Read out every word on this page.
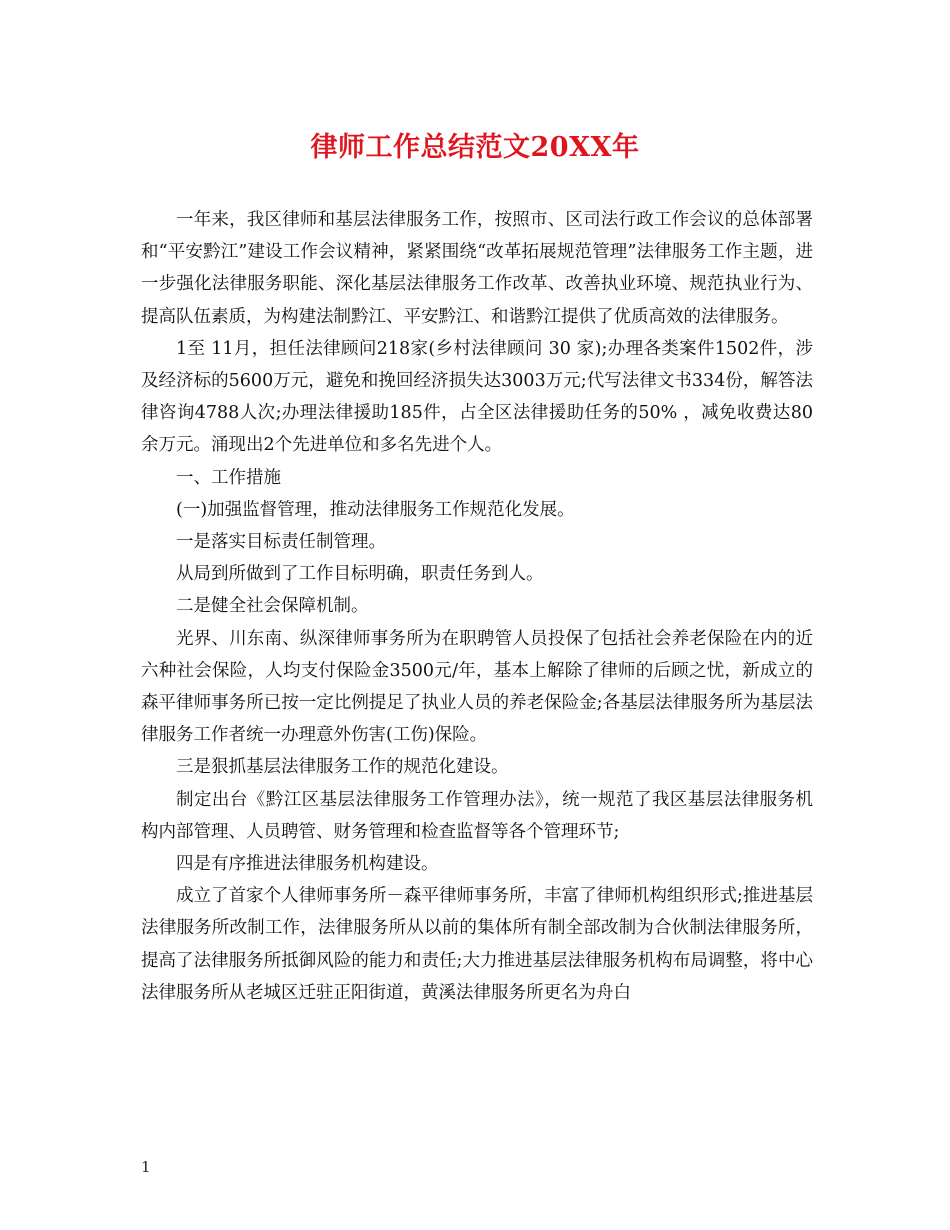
律师工作总结范文20XX年

一年来，我区律师和基层法律服务工作，按照市、区司法行政工作会议的总体部署和“平安黔江”建设工作会议精神，紧紧围绕“改革拓展规范管理”法律服务工作主题，进一步强化法律服务职能、深化基层法律服务工作改革、改善执业环境、规范执业行为、提高队伍素质，为构建法制黔江、平安黔江、和谐黔江提供了优质高效的法律服务。

1至 11月，担任法律顾问218家(乡村法律顾问 30 家);办理各类案件1502件，涉及经济标的5600万元，避免和挽回经济损失达3003万元;代写法律文书334份，解答法律咨询4788人次;办理法律援助185件，占全区法律援助任务的50% ，减免收费达80余万元。涌现出2个先进单位和多名先进个人。

一、工作措施

(一)加强监督管理，推动法律服务工作规范化发展。

一是落实目标责任制管理。

从局到所做到了工作目标明确，职责任务到人。

二是健全社会保障机制。

光界、川东南、纵深律师事务所为在职聘管人员投保了包括社会养老保险在内的近六种社会保险，人均支付保险金3500元/年，基本上解除了律师的后顾之忧，新成立的森平律师事务所已按一定比例提足了执业人员的养老保险金;各基层法律服务所为基层法律服务工作者统一办理意外伤害(工伤)保险。

三是狠抓基层法律服务工作的规范化建设。

制定出台《黔江区基层法律服务工作管理办法》，统一规范了我区基层法律服务机构内部管理、人员聘管、财务管理和检查监督等各个管理环节;

四是有序推进法律服务机构建设。

成立了首家个人律师事务所－森平律师事务所，丰富了律师机构组织形式;推进基层法律服务所改制工作，法律服务所从以前的集体所有制全部改制为合伙制法律服务所，提高了法律服务所抵御风险的能力和责任;大力推进基层法律服务机构布局调整，将中心法律服务所从老城区迁驻正阳街道，黄溪法律服务所更名为舟白

1
